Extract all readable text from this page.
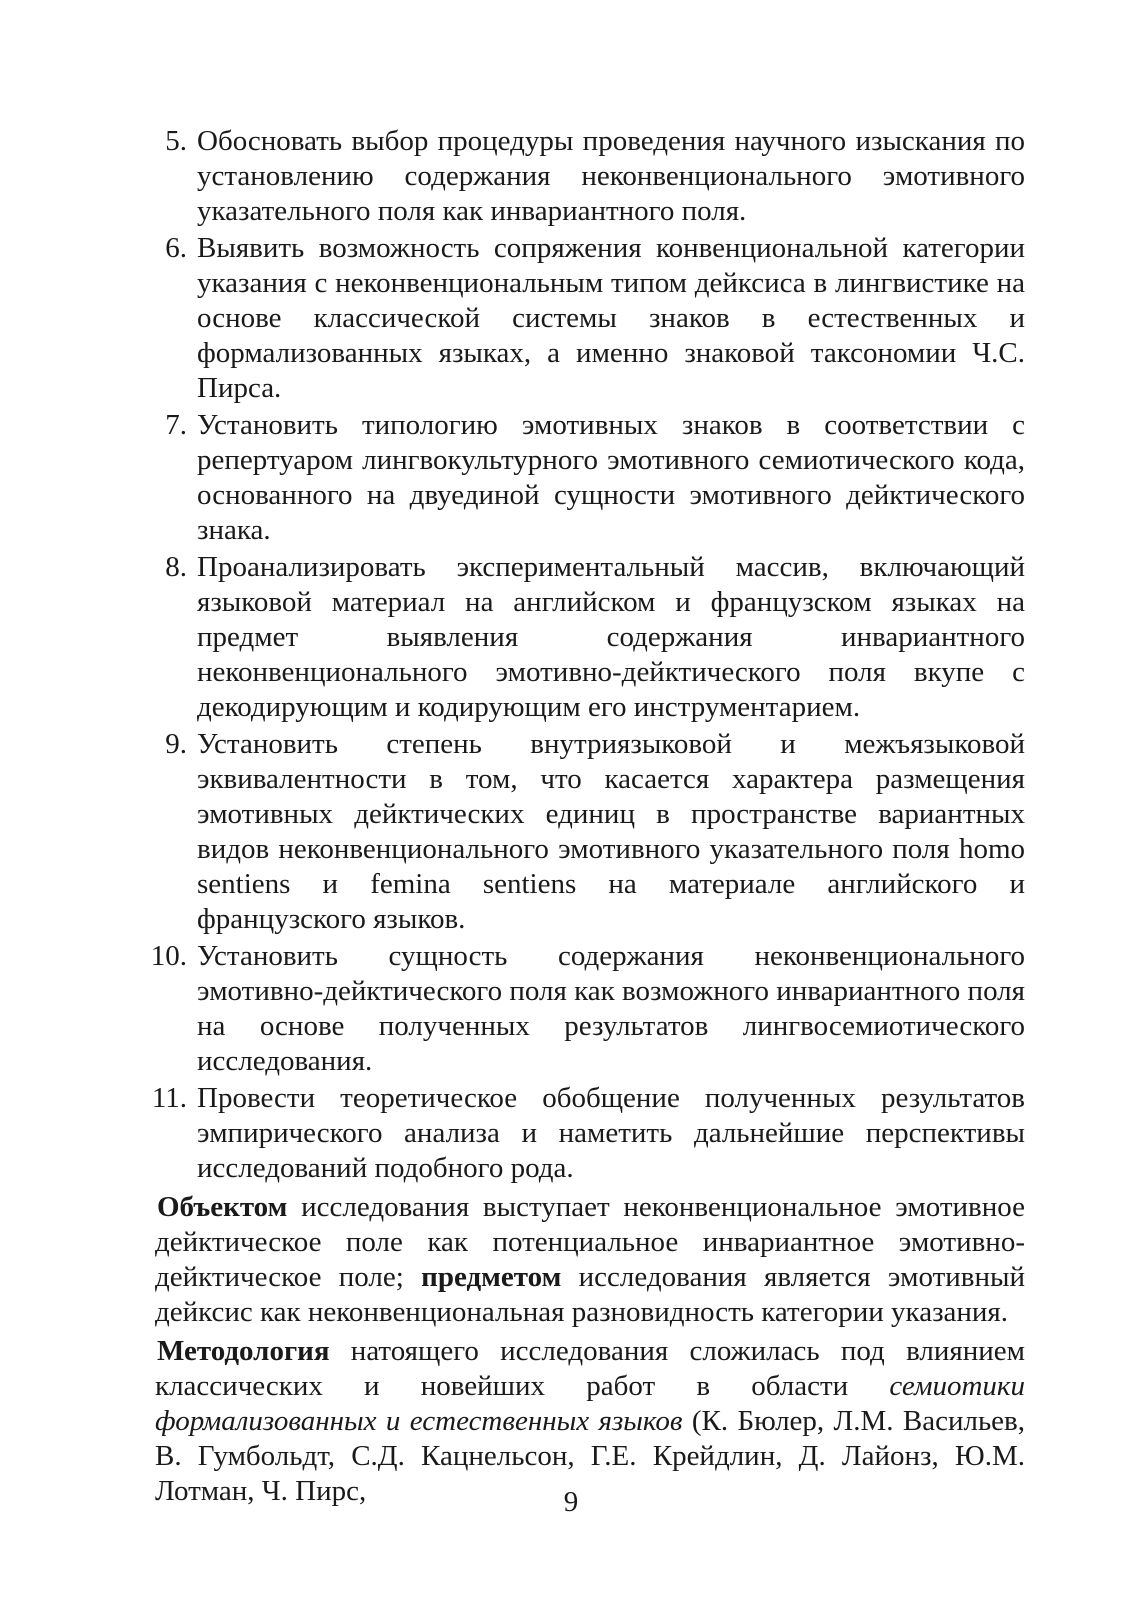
5. Обосновать выбор процедуры проведения научного изыскания по установлению содержания неконвенционального эмотивного указательного поля как инвариантного поля.
6. Выявить возможность сопряжения конвенциональной категории указания с неконвенциональным типом дейксиса в лингвистике на основе классической системы знаков в естественных и формализованных языках, а именно знаковой таксономии Ч.С. Пирса.
7. Установить типологию эмотивных знаков в соответствии с репертуаром лингвокультурного эмотивного семиотического кода, основанного на двуединой сущности эмотивного дейктического знака.
8. Проанализировать экспериментальный массив, включающий языковой материал на английском и французском языках на предмет выявления содержания инвариантного неконвенционального эмотивно-дейктического поля вкупе с декодирующим и кодирующим его инструментарием.
9. Установить степень внутриязыковой и межъязыковой эквивалентности в том, что касается характера размещения эмотивных дейктических единиц в пространстве вариантных видов неконвенционального эмотивного указательного поля homo sentiens и femina sentiens на материале английского и французского языков.
10. Установить сущность содержания неконвенционального эмотивно-дейктического поля как возможного инвариантного поля на основе полученных результатов лингвосемиотического исследования.
11. Провести теоретическое обобщение полученных результатов эмпирического анализа и наметить дальнейшие перспективы исследований подобного рода.

Объектом исследования выступает неконвенциональное эмотивное дейктическое поле как потенциальное инвариантное эмотивно-дейктическое поле; предметом исследования является эмотивный дейксис как неконвенциональная разновидность категории указания.

Методология натоящего исследования сложилась под влиянием классических и новейших работ в области семиотики формализованных и естественных языков (К. Бюлер, Л.М. Васильев, В. Гумбольдт, С.Д. Кацнельсон, Г.Е. Крейдлин, Д. Лайонз, Ю.М. Лотман, Ч. Пирс,	9
